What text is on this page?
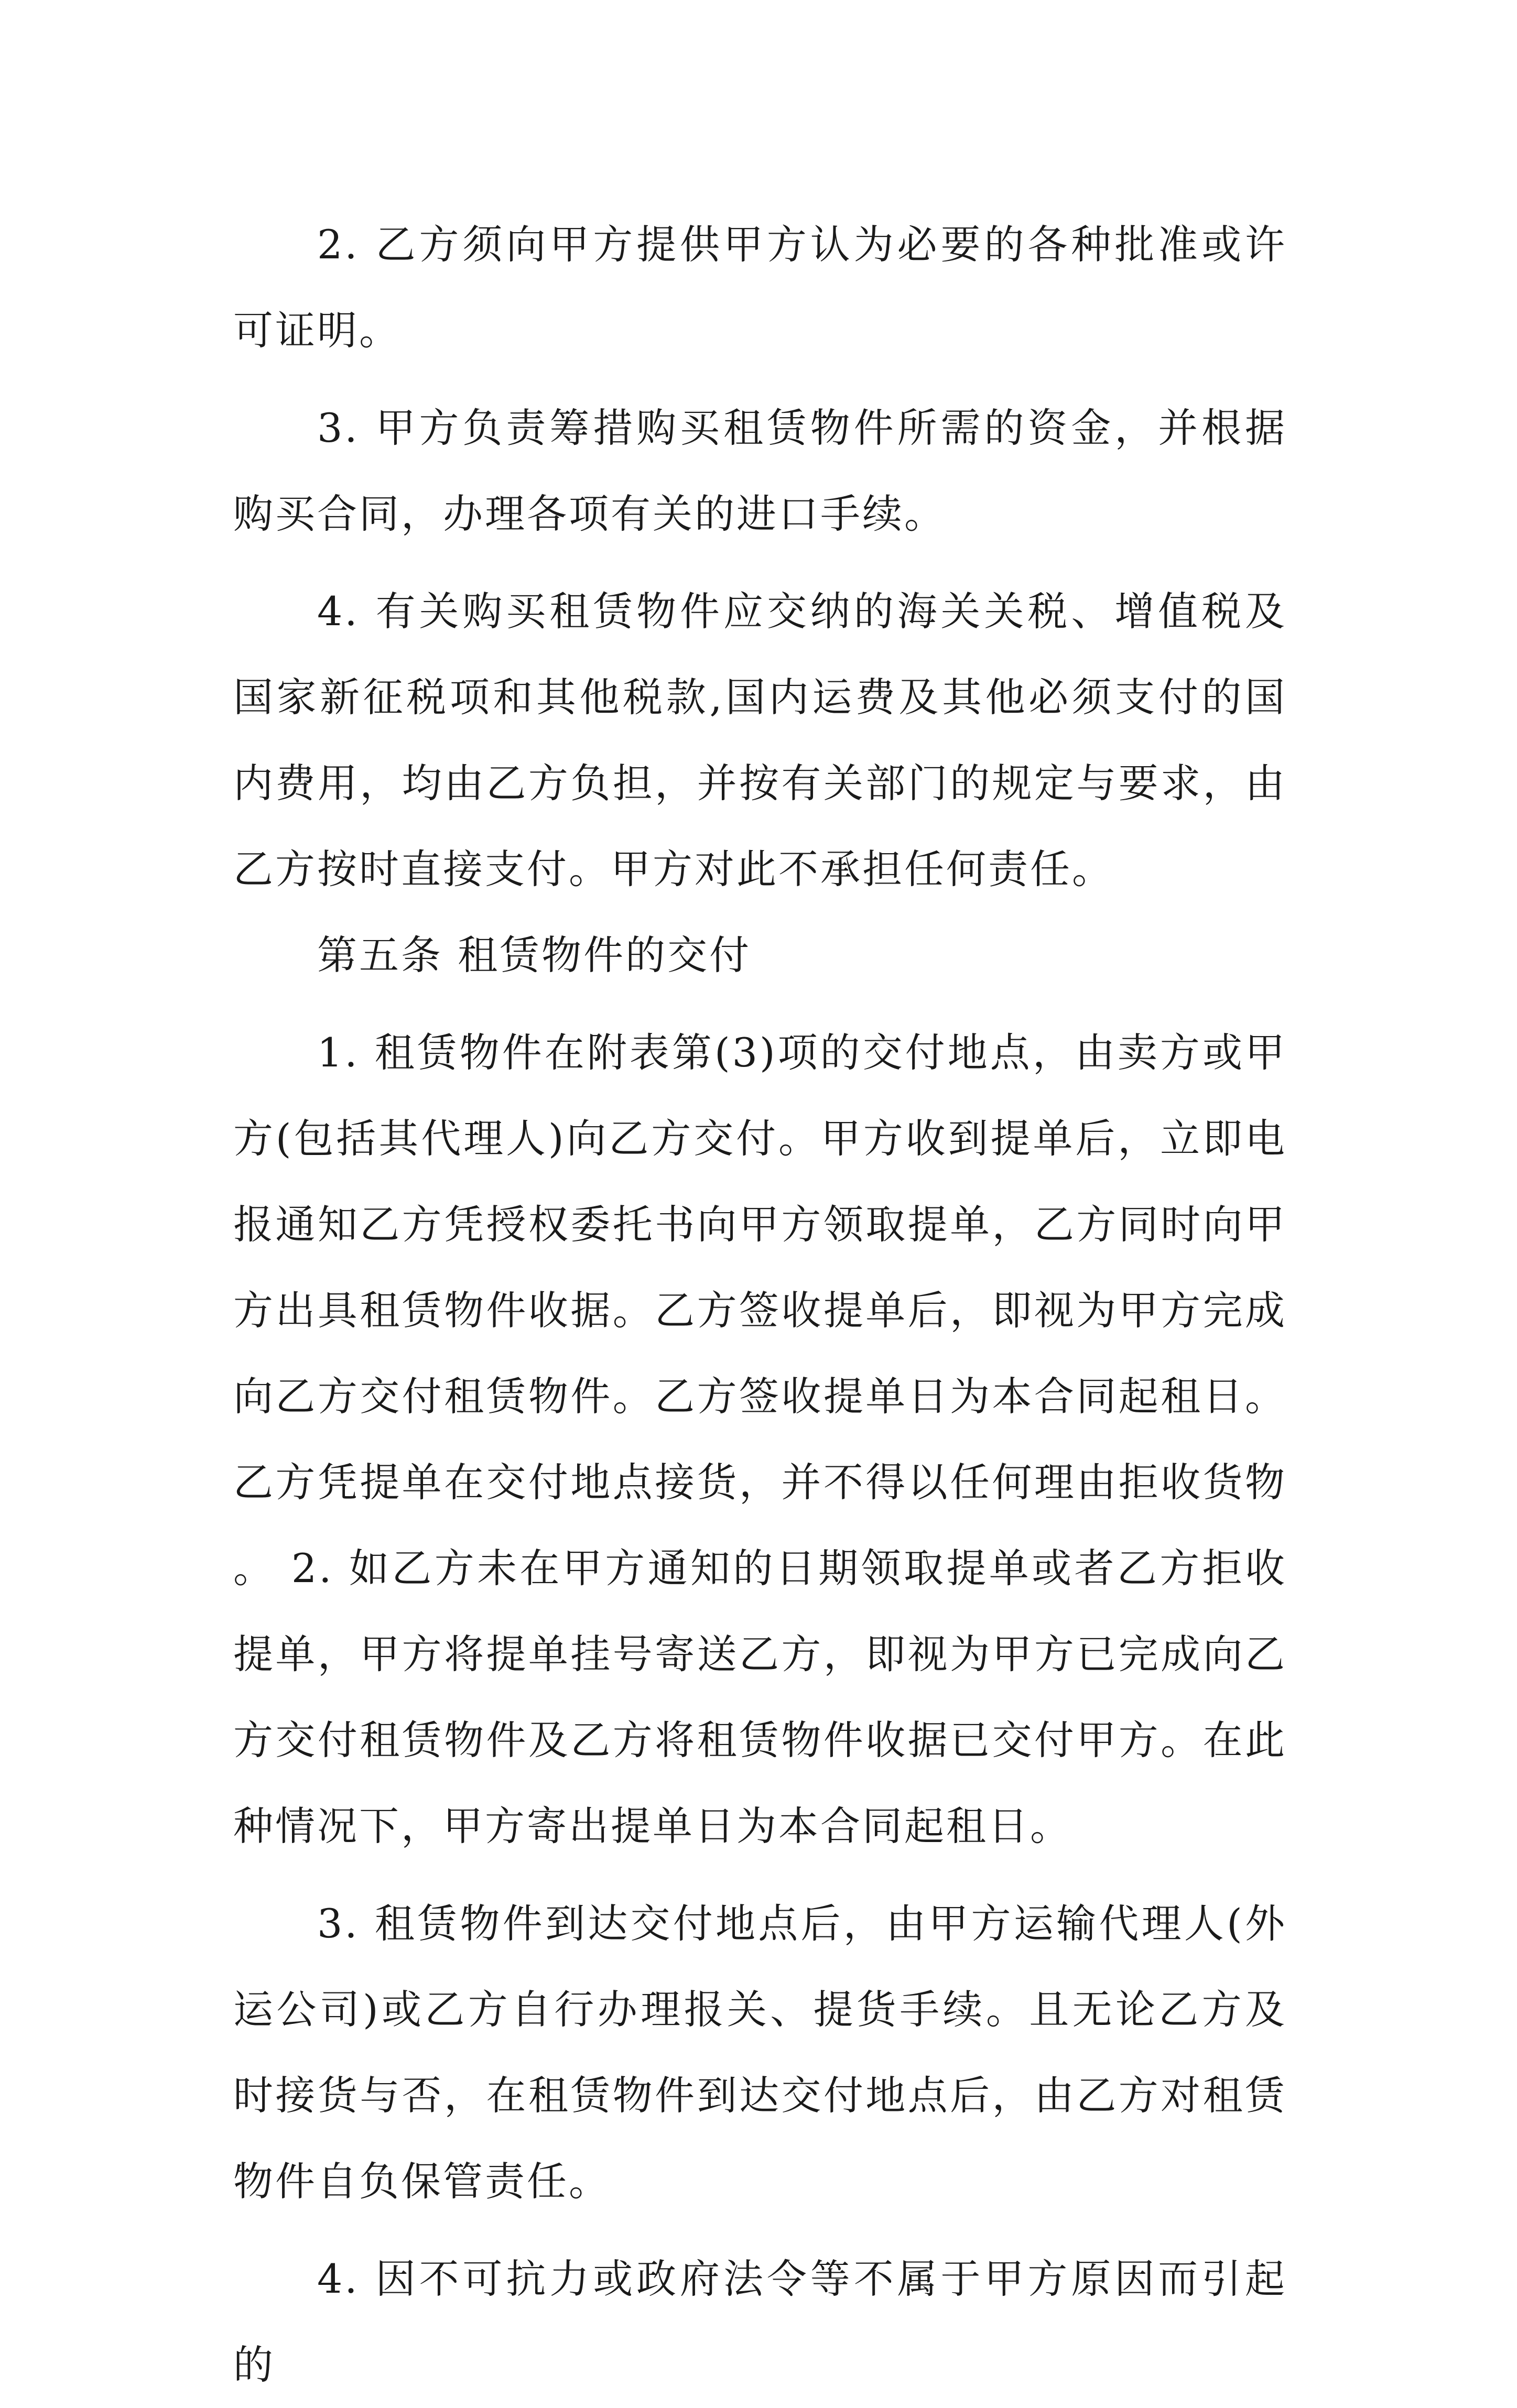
2. 乙方须向甲方提供甲方认为必要的各种批准或许可证明。

3. 甲方负责筹措购买租赁物件所需的资金，并根据购买合同，办理各项有关的进口手续。

4. 有关购买租赁物件应交纳的海关关税、增值税及国家新征税项和其他税款,国内运费及其他必须支付的国内费用，均由乙方负担，并按有关部门的规定与要求，由乙方按时直接支付。甲方对此不承担任何责任。

第五条 租赁物件的交付

1. 租赁物件在附表第(3)项的交付地点，由卖方或甲方(包括其代理人)向乙方交付。甲方收到提单后，立即电报通知乙方凭授权委托书向甲方领取提单，乙方同时向甲方出具租赁物件收据。乙方签收提单后，即视为甲方完成向乙方交付租赁物件。乙方签收提单日为本合同起租日。乙方凭提单在交付地点接货，并不得以任何理由拒收货物。 2. 如乙方未在甲方通知的日期领取提单或者乙方拒收提单，甲方将提单挂号寄送乙方，即视为甲方已完成向乙方交付租赁物件及乙方将租赁物件收据已交付甲方。在此种情况下，甲方寄出提单日为本合同起租日。

3. 租赁物件到达交付地点后，由甲方运输代理人(外运公司)或乙方自行办理报关、提货手续。且无论乙方及时接货与否，在租赁物件到达交付地点后，由乙方对租赁物件自负保管责任。

4. 因不可抗力或政府法令等不属于甲方原因而引起的
